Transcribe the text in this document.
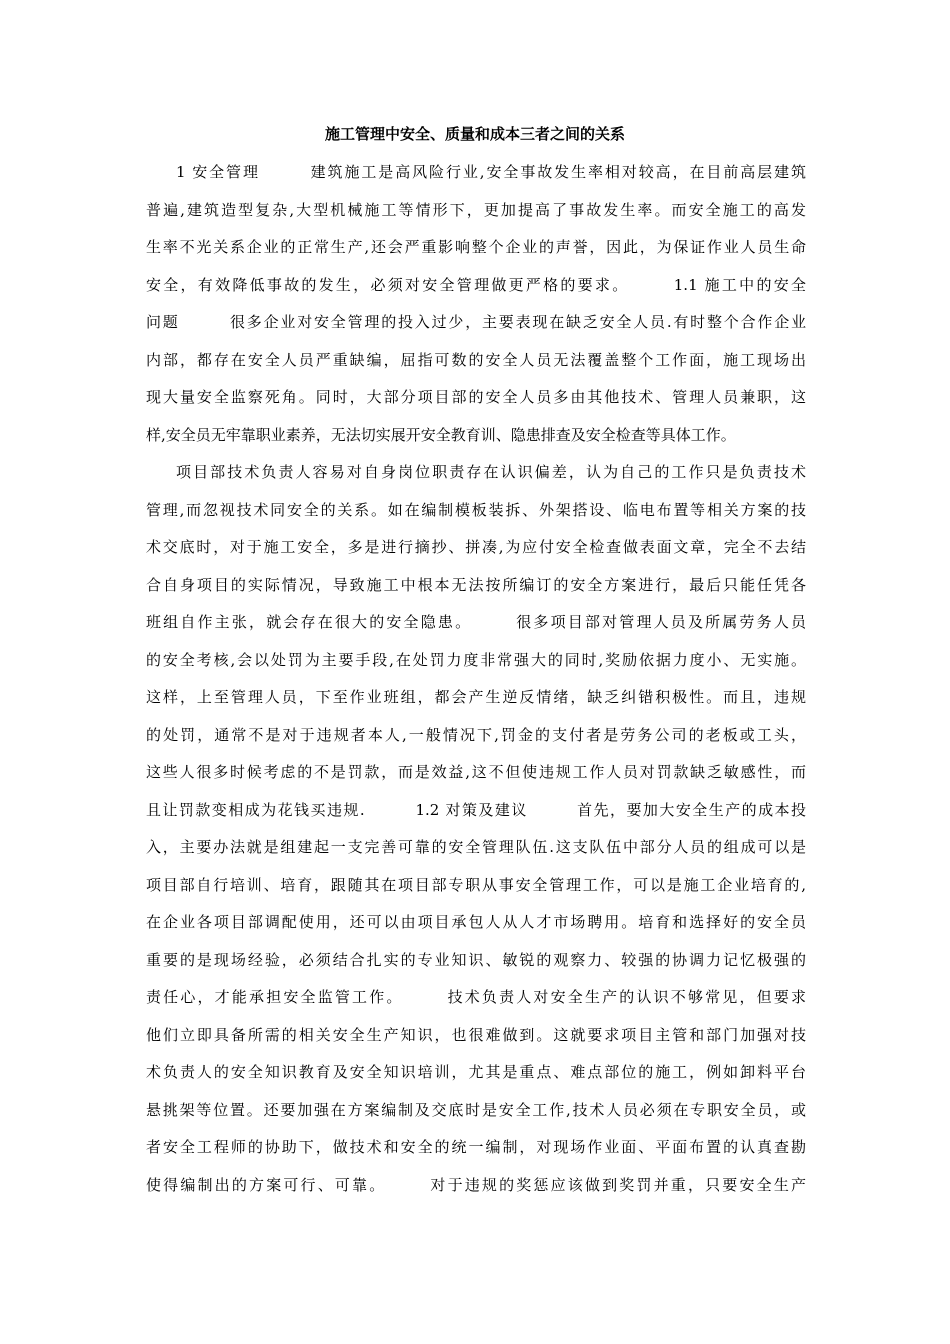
施工管理中安全、质量和成本三者之间的关系
1 安全管理　　　建筑施工是高风险行业,安全事故发生率相对较高，在目前高层建筑
普遍,建筑造型复杂,大型机械施工等情形下，更加提高了事故发生率。而安全施工的高发
生率不光关系企业的正常生产,还会严重影响整个企业的声誉，因此，为保证作业人员生命
安全，有效降低事故的发生，必须对安全管理做更严格的要求。　　　1.1 施工中的安全
问题　　　很多企业对安全管理的投入过少，主要表现在缺乏安全人员.有时整个合作企业
内部，都存在安全人员严重缺编，屈指可数的安全人员无法覆盖整个工作面，施工现场出
现大量安全监察死角。同时，大部分项目部的安全人员多由其他技术、管理人员兼职，这
样,安全员无牢靠职业素养，无法切实展开安全教育训、隐患排查及安全检查等具体工作。
项目部技术负责人容易对自身岗位职责存在认识偏差，认为自己的工作只是负责技术
管理,而忽视技术同安全的关系。如在编制模板装拆、外架搭设、临电布置等相关方案的技
术交底时，对于施工安全，多是进行摘抄、拼凑,为应付安全检查做表面文章，完全不去结
合自身项目的实际情况，导致施工中根本无法按所编订的安全方案进行，最后只能任凭各
班组自作主张，就会存在很大的安全隐患。　　　很多项目部对管理人员及所属劳务人员
的安全考核,会以处罚为主要手段,在处罚力度非常强大的同时,奖励依据力度小、无实施。
这样，上至管理人员，下至作业班组，都会产生逆反情绪，缺乏纠错积极性。而且，违规
的处罚，通常不是对于违规者本人,一般情况下,罚金的支付者是劳务公司的老板或工头，
这些人很多时候考虑的不是罚款，而是效益,这不但使违规工作人员对罚款缺乏敏感性，而
且让罚款变相成为花钱买违规.　　　1.2 对策及建议　　　首先，要加大安全生产的成本投
入，主要办法就是组建起一支完善可靠的安全管理队伍.这支队伍中部分人员的组成可以是
项目部自行培训、培育，跟随其在项目部专职从事安全管理工作，可以是施工企业培育的,
在企业各项目部调配使用，还可以由项目承包人从人才市场聘用。培育和选择好的安全员
重要的是现场经验，必须结合扎实的专业知识、敏锐的观察力、较强的协调力记忆极强的
责任心，才能承担安全监管工作。　　　技术负责人对安全生产的认识不够常见，但要求
他们立即具备所需的相关安全生产知识，也很难做到。这就要求项目主管和部门加强对技
术负责人的安全知识教育及安全知识培训，尤其是重点、难点部位的施工，例如卸料平台
悬挑架等位置。还要加强在方案编制及交底时是安全工作,技术人员必须在专职安全员，或
者安全工程师的协助下，做技术和安全的统一编制，对现场作业面、平面布置的认真查勘
使得编制出的方案可行、可靠。　　　对于违规的奖惩应该做到奖罚并重，只要安全生产
